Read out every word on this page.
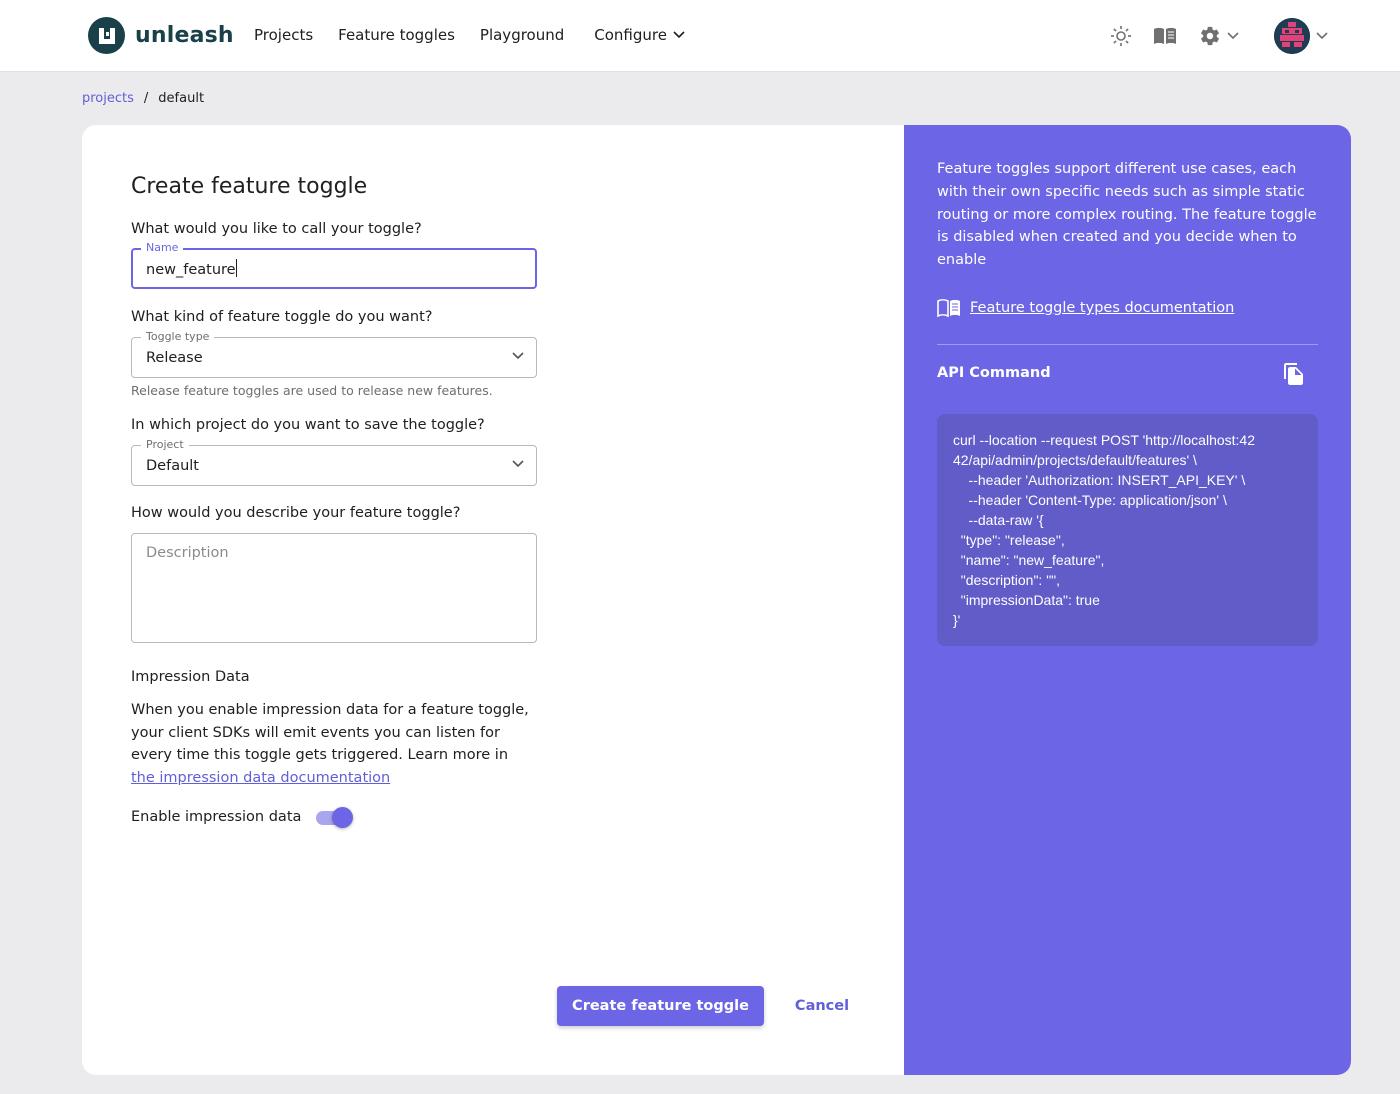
unleash Projects Feature toggles Playground Configure
projects / default
Create feature toggle
What would you like to call your toggle?
Name
new_feature
What kind of feature toggle do you want?
Toggle type
Release
Release feature toggles are used to release new features.
In which project do you want to save the toggle?
Project
Default
How would you describe your feature toggle?
Description
Impression Data

When you enable impression data for a feature toggle, your client SDKs will emit events you can listen for every time this toggle gets triggered. Learn more in the impression data documentation

Enable impression data
Create feature toggle	Cancel

Feature toggles support different use cases, each with their own specific needs such as simple static routing or more complex routing. The feature toggle is disabled when created and you decide when to enable

Feature toggle types documentation
API Command
curl --location --request POST 'http://localhost:42
42/api/admin/projects/default/features' \
--header 'Authorization: INSERT_API_KEY' \
--header 'Content-Type: application/json' \
--data-raw '{
"type": "release",
"name": "new_feature",
"description": "",
"impressionData": true
}'
